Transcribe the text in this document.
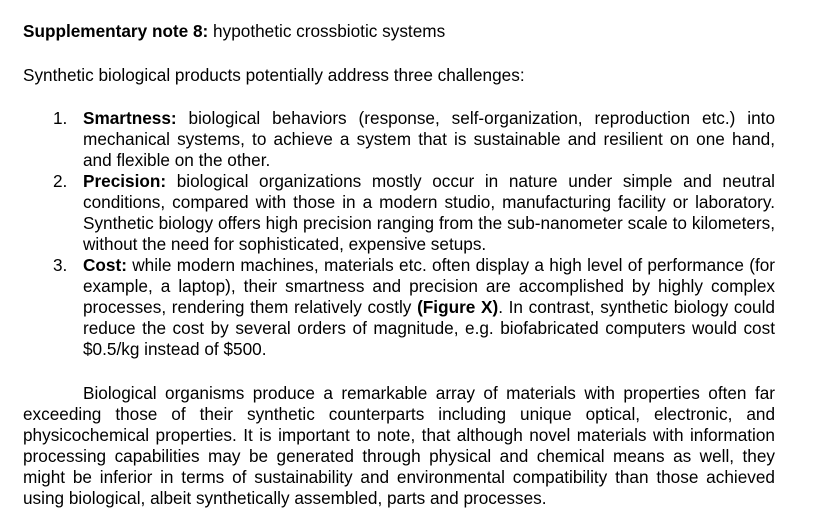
Supplementary note 8: hypothetic crossbiotic systems
Synthetic biological products potentially address three challenges:
1. Smartness: biological behaviors (response, self-organization, reproduction etc.) into mechanical systems, to achieve a system that is sustainable and resilient on one hand, and flexible on the other.
2. Precision: biological organizations mostly occur in nature under simple and neutral conditions, compared with those in a modern studio, manufacturing facility or laboratory. Synthetic biology offers high precision ranging from the sub-nanometer scale to kilometers, without the need for sophisticated, expensive setups.
3. Cost: while modern machines, materials etc. often display a high level of performance (for example, a laptop), their smartness and precision are accomplished by highly complex processes, rendering them relatively costly (Figure X). In contrast, synthetic biology could reduce the cost by several orders of magnitude, e.g. biofabricated computers would cost $0.5/kg instead of $500.

Biological organisms produce a remarkable array of materials with properties often far exceeding those of their synthetic counterparts including unique optical, electronic, and physicochemical properties. It is important to note, that although novel materials with information processing capabilities may be generated through physical and chemical means as well, they might be inferior in terms of sustainability and environmental compatibility than those achieved using biological, albeit synthetically assembled, parts and processes.
